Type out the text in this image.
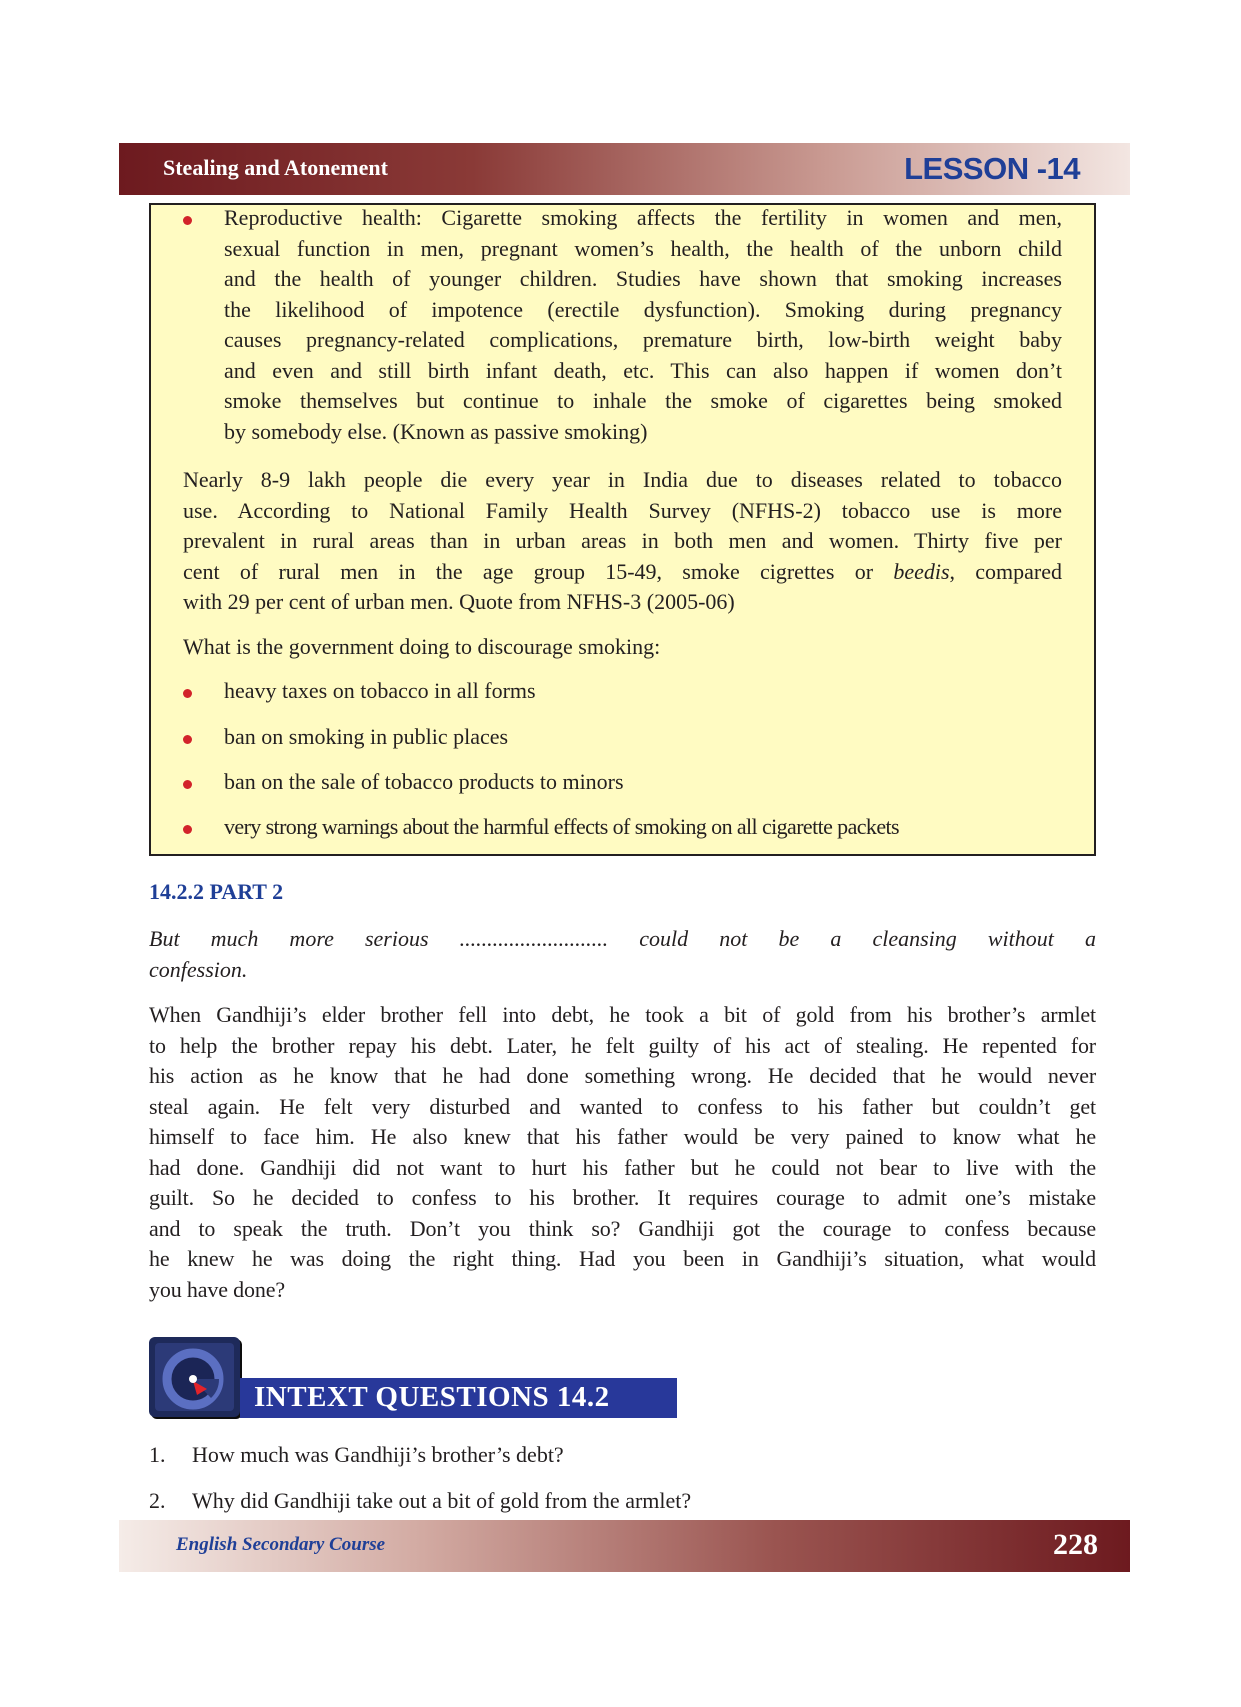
Stealing and Atonement	LESSON -14
Reproductive health: Cigarette smoking affects the fertility in women and men,
sexual function in men, pregnant women’s health, the health of the unborn child
and the health of younger children. Studies have shown that smoking increases
the likelihood of impotence (erectile dysfunction). Smoking during pregnancy
causes pregnancy-related complications, premature birth, low-birth weight baby
and even and still birth infant death, etc. This can also happen if women don’t
smoke themselves but continue to inhale the smoke of cigarettes being smoked
by somebody else. (Known as passive smoking)
Nearly 8-9 lakh people die every year in India due to diseases related to tobacco
use. According to National Family Health Survey (NFHS-2) tobacco use is more
prevalent in rural areas than in urban areas in both men and women. Thirty five per
cent of rural men in the age group 15-49, smoke cigrettes or beedis, compared
with 29 per cent of urban men. Quote from NFHS-3 (2005-06)
What is the government doing to discourage smoking:
heavy taxes on tobacco in all forms
ban on smoking in public places
ban on the sale of tobacco products to minors
very strong warnings about the harmful effects of smoking on all cigarette packets
14.2.2 PART 2
But much more serious ........................... could not be a cleansing without a
confession.
When Gandhiji’s elder brother fell into debt, he took a bit of gold from his brother’s armlet
to help the brother repay his debt. Later, he felt guilty of his act of stealing. He repented for
his action as he know that he had done something wrong. He decided that he would never
steal again. He felt very disturbed and wanted to confess to his father but couldn’t get
himself to face him. He also knew that his father would be very pained to know what he
had done. Gandhiji did not want to hurt his father but he could not bear to live with the
guilt. So he decided to confess to his brother. It requires courage to admit one’s mistake
and to speak the truth. Don’t you think so? Gandhiji got the courage to confess because
he knew he was doing the right thing. Had you been in Gandhiji’s situation, what would
you have done?
INTEXT QUESTIONS 14.2
1. How much was Gandhiji’s brother’s debt?
2. Why did Gandhiji take out a bit of gold from the armlet?
English Secondary Course	228
